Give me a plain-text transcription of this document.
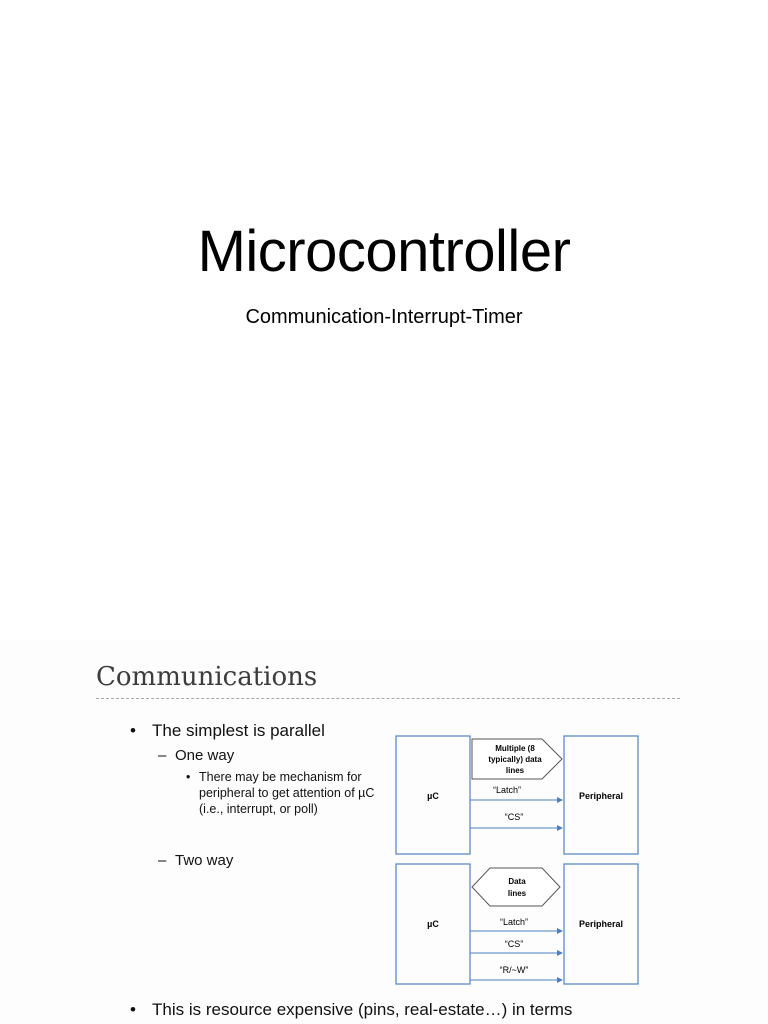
Microcontroller
Communication-Interrupt-Timer
Communications
• The simplest is parallel
– One way
• There may be mechanism for peripheral to get attention of µC (i.e., interrupt, or poll)
– Two way
• This is resource expensive (pins, real-estate…) in terms
Multiple (8
typically) data
lines
µC	Peripheral
“Latch”
“CS”
Data
lines
µC	Peripheral
“Latch”
“CS”
“R/~W”
